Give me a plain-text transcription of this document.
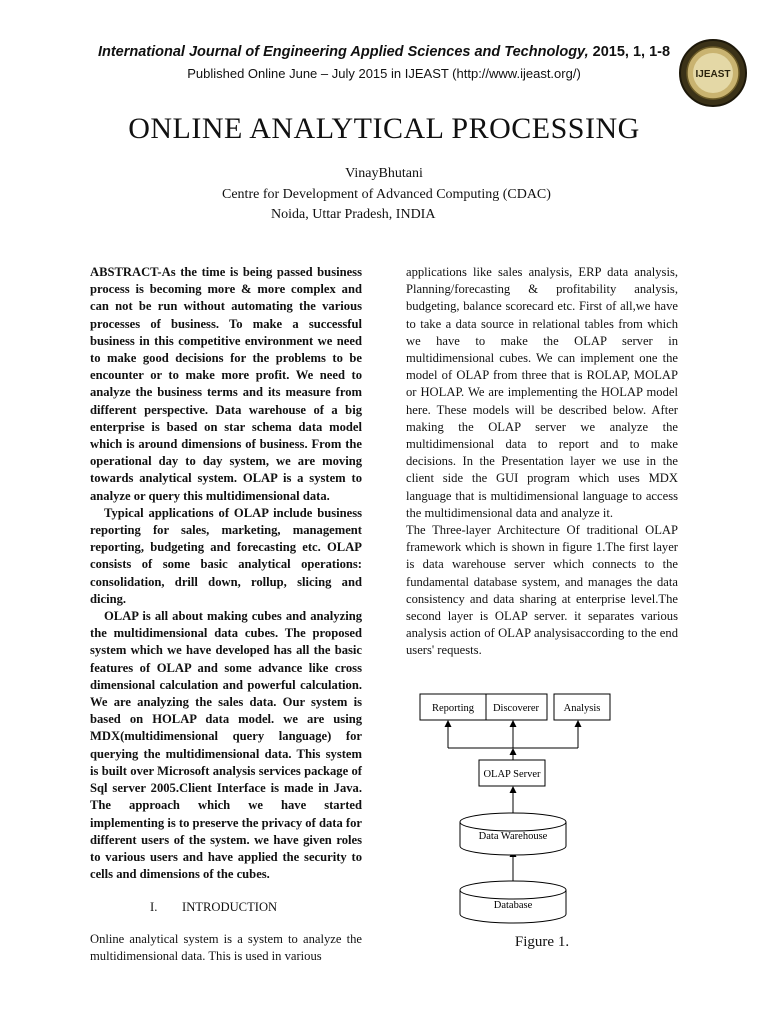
International Journal of Engineering Applied Sciences and Technology, 2015, 1, 1-8
Published Online June – July 2015 in IJEAST (http://www.ijeast.org/)	IJEAST
ONLINE ANALYTICAL PROCESSING
VinayBhutani
Centre for Development of Advanced Computing (CDAC)
Noida, Uttar Pradesh, INDIA

ABSTRACT-As the time is being passed business process is becoming more & more complex and can not be run without automating the various processes of business. To make a successful business in this competitive environment we need to make good decisions for the problems to be encounter or to make more profit. We need to analyze the business terms and its measure from different perspective. Data warehouse of a big enterprise is based on star schema data model which is around dimensions of business. From the operational day to day system, we are moving towards analytical system. OLAP is a system to analyze or query this multidimensional data.

Typical applications of OLAP include business reporting for sales, marketing, management reporting, budgeting and forecasting etc. OLAP consists of some basic analytical operations: consolidation, drill down, rollup, slicing and dicing.

OLAP is all about making cubes and analyzing the multidimensional data cubes. The proposed system which we have developed has all the basic features of OLAP and some advance like cross dimensional calculation and powerful calculation. We are analyzing the sales data. Our system is based on HOLAP data model. we are using MDX(multidimensional query language) for querying the multidimensional data. This system is built over Microsoft analysis services package of Sql server 2005.Client Interface is made in Java. The approach which we have started implementing is to preserve the privacy of data for different users of the system. we have given roles to various users and have applied the security to cells and dimensions of the cubes.

I. INTRODUCTION

Online analytical system is a system to analyze the multidimensional data. This is used in various

applications like sales analysis, ERP data analysis, Planning/forecasting & profitability analysis, budgeting, balance scorecard etc. First of all,we have to take a data source in relational tables from which we have to make the OLAP server in multidimensional cubes. We can implement one the model of OLAP from three that is ROLAP, MOLAP or HOLAP. We are implementing the HOLAP model here. These models will be described below. After making the OLAP server we analyze the multidimensional data to report and to make decisions. In the Presentation layer we use in the client side the GUI program which uses MDX language that is multidimensional language to access the multidimensional data and analyze it.

The Three-layer Architecture Of traditional OLAP framework which is shown in figure 1.The first layer is data warehouse server which connects to the fundamental database system, and manages the data consistency and data sharing at enterprise level.The second layer is OLAP server. it separates various analysis action of OLAP analysisaccording to the end users' requests.

Reporting Discoverer Analysis
OLAP Server
Data Warehouse
Database
Figure 1.
